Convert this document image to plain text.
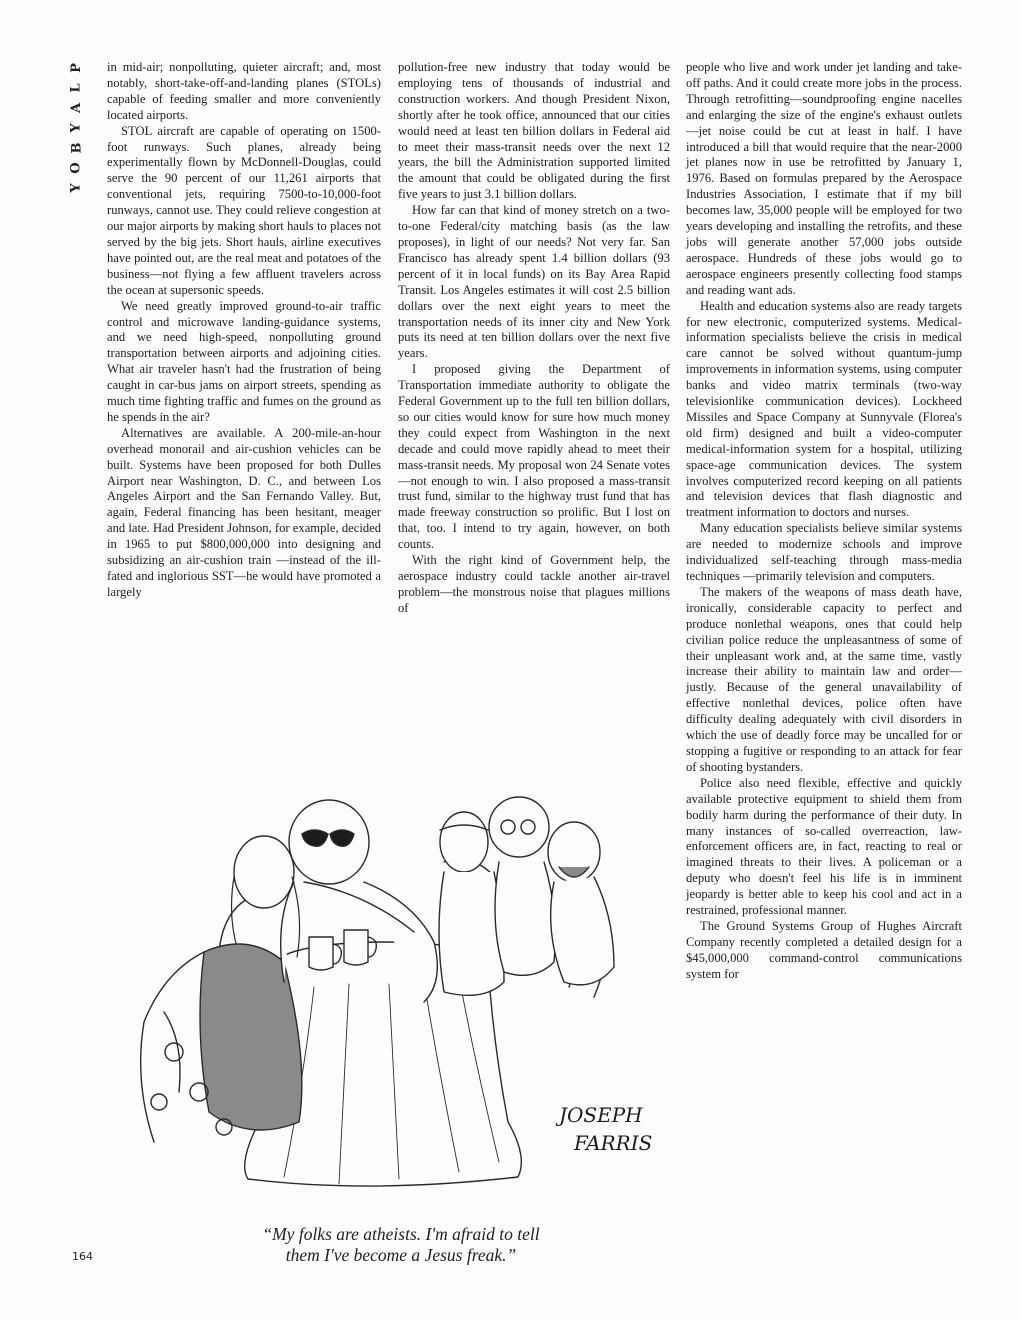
P
L
A
Y
B
O
Y

in mid-air; nonpolluting, quieter aircraft; and, most notably, short-take-off-and-landing planes (STOLs) capable of feeding smaller and more conveniently located airports.

STOL aircraft are capable of operating on 1500-foot runways. Such planes, already being experimentally flown by McDonnell-Douglas, could serve the 90 percent of our 11,261 airports that conventional jets, requiring 7500-to-10,000-foot runways, cannot use. They could relieve congestion at our major airports by making short hauls to places not served by the big jets. Short hauls, airline executives have pointed out, are the real meat and potatoes of the business—not flying a few affluent travelers across the ocean at supersonic speeds.

We need greatly improved ground-to-air traffic control and microwave landing-guidance systems, and we need high-speed, nonpolluting ground transportation between airports and adjoining cities. What air traveler hasn't had the frustration of being caught in car-bus jams on airport streets, spending as much time fighting traffic and fumes on the ground as he spends in the air?

Alternatives are available. A 200-mile-an-hour overhead monorail and air-cushion vehicles can be built. Systems have been proposed for both Dulles Airport near Washington, D. C., and between Los Angeles Airport and the San Fernando Valley. But, again, Federal financing has been hesitant, meager and late. Had President Johnson, for example, decided in 1965 to put $800,000,000 into designing and subsidizing an air-cushion train —instead of the ill-fated and inglorious SST—he would have promoted a largely

pollution-free new industry that today would be employing tens of thousands of industrial and construction workers. And though President Nixon, shortly after he took office, announced that our cities would need at least ten billion dollars in Federal aid to meet their mass-transit needs over the next 12 years, the bill the Administration supported limited the amount that could be obligated during the first five years to just 3.1 billion dollars.

How far can that kind of money stretch on a two-to-one Federal/city matching basis (as the law proposes), in light of our needs? Not very far. San Francisco has already spent 1.4 billion dollars (93 percent of it in local funds) on its Bay Area Rapid Transit. Los Angeles estimates it will cost 2.5 billion dollars over the next eight years to meet the transportation needs of its inner city and New York puts its need at ten billion dollars over the next five years.

I proposed giving the Department of Transportation immediate authority to obligate the Federal Government up to the full ten billion dollars, so our cities would know for sure how much money they could expect from Washington in the next decade and could move rapidly ahead to meet their mass-transit needs. My proposal won 24 Senate votes—not enough to win. I also proposed a mass-transit trust fund, similar to the highway trust fund that has made freeway construction so prolific. But I lost on that, too. I intend to try again, however, on both counts.

With the right kind of Government help, the aerospace industry could tackle another air-travel problem—the monstrous noise that plagues millions of

people who live and work under jet landing and take-off paths. And it could create more jobs in the process. Through retrofitting—soundproofing engine nacelles and enlarging the size of the engine's exhaust outlets—jet noise could be cut at least in half. I have introduced a bill that would require that the near-2000 jet planes now in use be retrofitted by January 1, 1976. Based on formulas prepared by the Aerospace Industries Association, I estimate that if my bill becomes law, 35,000 people will be employed for two years developing and installing the retrofits, and these jobs will generate another 57,000 jobs outside aerospace. Hundreds of these jobs would go to aerospace engineers presently collecting food stamps and reading want ads.

Health and education systems also are ready targets for new electronic, computerized systems. Medical-information specialists believe the crisis in medical care cannot be solved without quantum-jump improvements in information systems, using computer banks and video matrix terminals (two-way televisionlike communication devices). Lockheed Missiles and Space Company at Sunnyvale (Florea's old firm) designed and built a video-computer medical-information system for a hospital, utilizing space-age communication devices. The system involves computerized record keeping on all patients and television devices that flash diagnostic and treatment information to doctors and nurses.

Many education specialists believe similar systems are needed to modernize schools and improve individualized self-teaching through mass-media techniques —primarily television and computers.

The makers of the weapons of mass death have, ironically, considerable capacity to perfect and produce nonlethal weapons, ones that could help civilian police reduce the unpleasantness of some of their unpleasant work and, at the same time, vastly increase their ability to maintain law and order—justly. Because of the general unavailability of effective nonlethal devices, police often have difficulty dealing adequately with civil disorders in which the use of deadly force may be uncalled for or stopping a fugitive or responding to an attack for fear of shooting bystanders.

Police also need flexible, effective and quickly available protective equipment to shield them from bodily harm during the performance of their duty. In many instances of so-called overreaction, law-enforcement officers are, in fact, reacting to real or imagined threats to their lives. A policeman or a deputy who doesn't feel his life is in imminent jeopardy is better able to keep his cool and act in a restrained, professional manner.

The Ground Systems Group of Hughes Aircraft Company recently completed a detailed design for a $45,000,000 command-control communications system for

JOSEPH
FARRIS
“My folks are atheists. I'm afraid to tell
them I've become a Jesus freak.”
164
